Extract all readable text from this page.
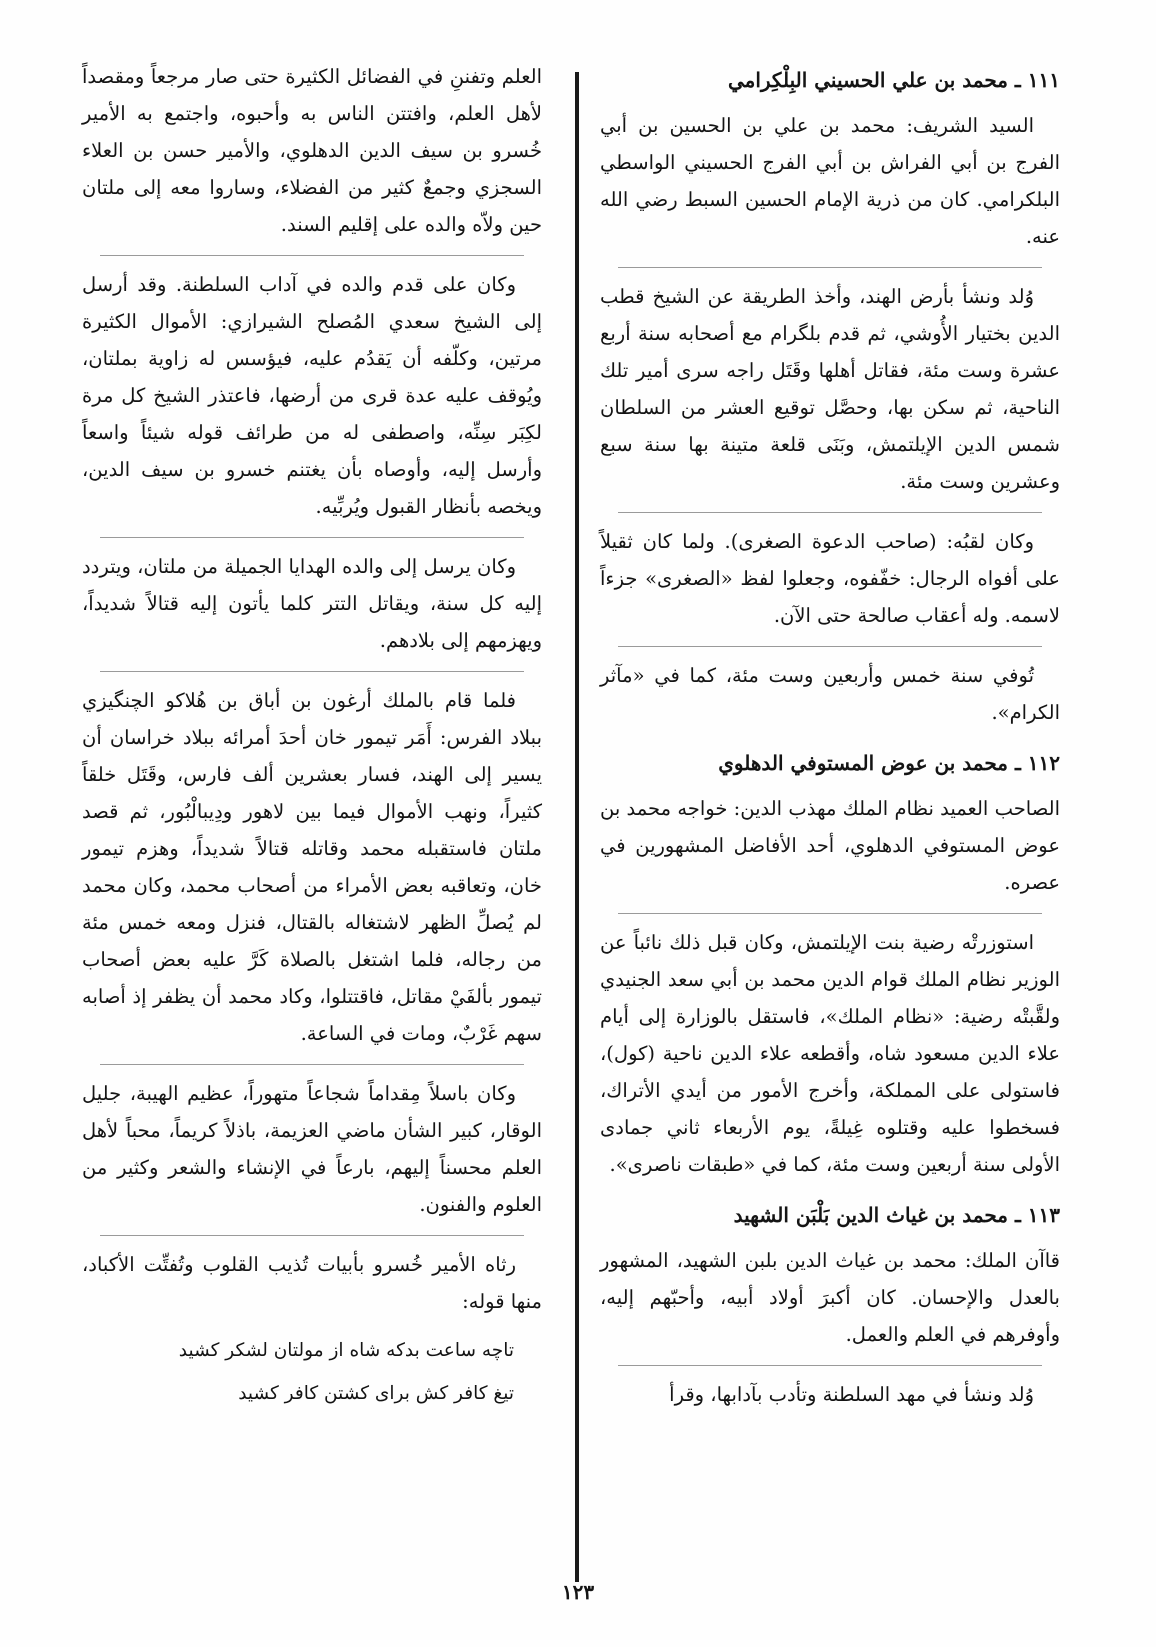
١١١ ـ محمد بن علي الحسيني البِلْكِرامي

السيد الشريف: محمد بن علي بن الحسين بن أبي الفرج بن أبي الفراش بن أبي الفرج الحسيني الواسطي البلكرامي. كان من ذرية الإمام الحسين السبط رضي الله عنه.

وُلد ونشأ بأرض الهند، وأخذ الطريقة عن الشيخ قطب الدين بختيار الأُوشي، ثم قدم بلگرام مع أصحابه سنة أربع عشرة وست مئة، فقاتل أهلها وقَتَل راجه سرى أمير تلك الناحية، ثم سكن بها، وحصَّل توقيع العشر من السلطان شمس الدين الإيلتمش، وبَنَى قلعة متينة بها سنة سبع وعشرين وست مئة.

وكان لقبُه: (صاحب الدعوة الصغرى). ولما كان ثقيلاً على أفواه الرجال: خفّفوه، وجعلوا لفظ «الصغرى» جزءاً لاسمه. وله أعقاب صالحة حتى الآن.

تُوفي سنة خمس وأربعين وست مئة، كما في «مآثر الكرام».

١١٢ ـ محمد بن عوض المستوفي الدهلوي

الصاحب العميد نظام الملك مهذب الدين: خواجه محمد بن عوض المستوفي الدهلوي، أحد الأفاضل المشهورين في عصره.

استوزرتْه رضية بنت الإيلتمش، وكان قبل ذلك نائباً عن الوزير نظام الملك قوام الدين محمد بن أبي سعد الجنيدي ولقَّبتْه رضية: «نظام الملك»، فاستقل بالوزارة إلى أيام علاء الدين مسعود شاه، وأقطعه علاء الدين ناحية (كول)، فاستولى على المملكة، وأخرج الأمور من أيدي الأتراك، فسخطوا عليه وقتلوه غِيلةً، يوم الأربعاء ثاني جمادى الأولى سنة أربعين وست مئة، كما في «طبقات ناصرى».

١١٣ ـ محمد بن غياث الدين بَلْبَن الشهيد

قاآن الملك: محمد بن غياث الدين بلبن الشهيد، المشهور بالعدل والإحسان. كان أكبرَ أولاد أبيه، وأحبّهم إليه، وأوفرهم في العلم والعمل.

وُلد ونشأ في مهد السلطنة وتأدب بآدابها، وقرأ

العلم وتفننِ في الفضائل الكثيرة حتى صار مرجعاً ومقصداً لأهل العلم، وافتتن الناس به وأحبوه، واجتمع به الأمير خُسرو بن سيف الدين الدهلوي، والأمير حسن بن العلاء السجزي وجمعٌ كثير من الفضلاء، وساروا معه إلى ملتان حين ولاّه والده على إقليم السند.

وكان على قدم والده في آداب السلطنة. وقد أرسل إلى الشيخ سعدي المُصلح الشيرازي: الأموال الكثيرة مرتين، وكلّفه أن يَقدُم عليه، فيؤسس له زاوية بملتان، ويُوقف عليه عدة قرى من أرضها، فاعتذر الشيخ كل مرة لكِبَر سِنِّه، واصطفى له من طرائف قوله شيئاً واسعاً وأرسل إليه، وأوصاه بأن يغتنم خسرو بن سيف الدين، ويخصه بأنظار القبول ويُربِّيه.

وكان يرسل إلى والده الهدايا الجميلة من ملتان، ويتردد إليه كل سنة، ويقاتل التتر كلما يأتون إليه قتالاً شديداً، ويهزمهم إلى بلادهم.

فلما قام بالملك أرغون بن أباق بن هُلاكو الچنگيزي ببلاد الفرس: أَمَر تيمور خان أحدَ أمرائه ببلاد خراسان أن يسير إلى الهند، فسار بعشرين ألف فارس، وقَتَل خلقاً كثيراً، ونهب الأموال فيما بين لاهور ودِيبالْبُور، ثم قصد ملتان فاستقبله محمد وقاتله قتالاً شديداً، وهزم تيمور خان، وتعاقبه بعض الأمراء من أصحاب محمد، وكان محمد لم يُصلِّ الظهر لاشتغاله بالقتال، فنزل ومعه خمس مئة من رجاله، فلما اشتغل بالصلاة كَرَّ عليه بعض أصحاب تيمور بألفَيْ مقاتل، فاقتتلوا، وكاد محمد أن يظفر إذ أصابه سهم غَرْبٌ، ومات في الساعة.

وكان باسلاً مِقداماً شجاعاً متهوراً، عظيم الهيبة، جليل الوقار، كبير الشأن ماضي العزيمة، باذلاً كريماً، محباً لأهل العلم محسناً إليهم، بارعاً في الإنشاء والشعر وكثير من العلوم والفنون.

رثاه الأمير خُسرو بأبيات تُذيب القلوب وتُفتِّت الأكباد، منها قوله:

تاچه ساعت بدكه شاه از مولتان لشكر كشيد
تيغ كافر كش براى كشتن كافر كشيد
١٢٣
